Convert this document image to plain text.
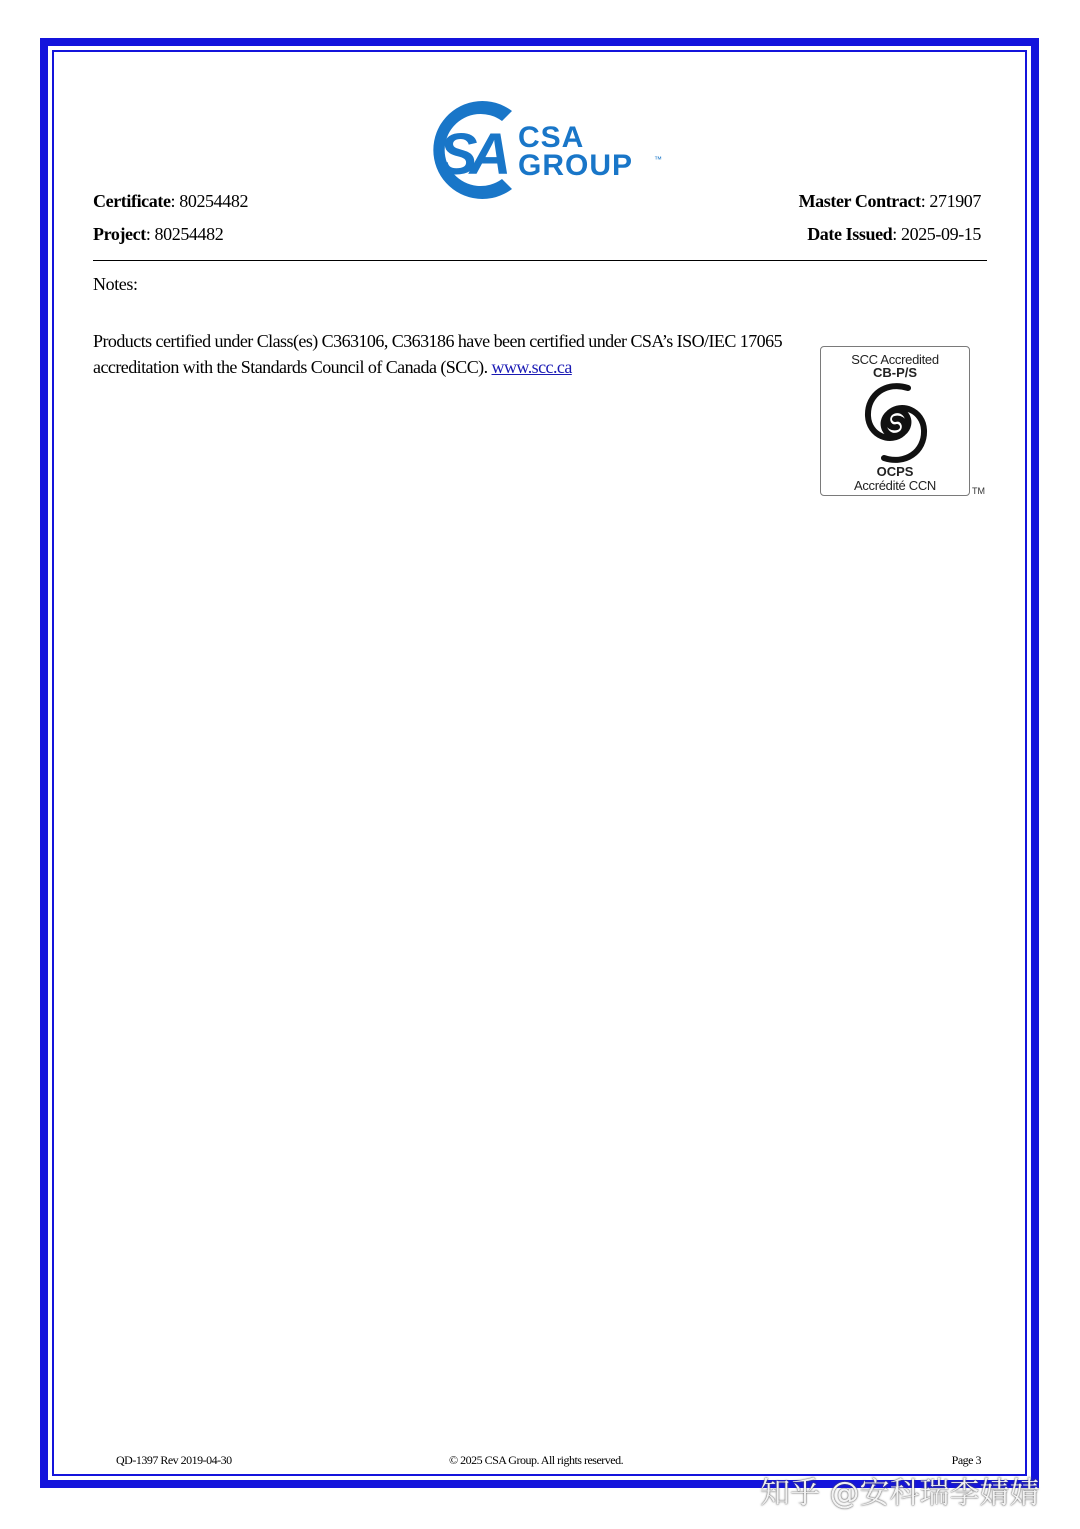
SA CSA
GROUP	™
Certificate: 80254482
Project: 80254482
Master Contract: 271907
Date Issued: 2025-09-15
Notes:
Products certified under Class(es) C363106, C363186 have been certified under CSA’s ISO/IEC 17065 accreditation with the Standards Council of Canada (SCC). www.scc.ca	SCC Accredited
CB-P/S
OCPS
Accrédité CCN	TM
QD-1397 Rev 2019-04-30	© 2025 CSA Group. All rights reserved.	Page 3
知乎 @安科瑞李婧婧
